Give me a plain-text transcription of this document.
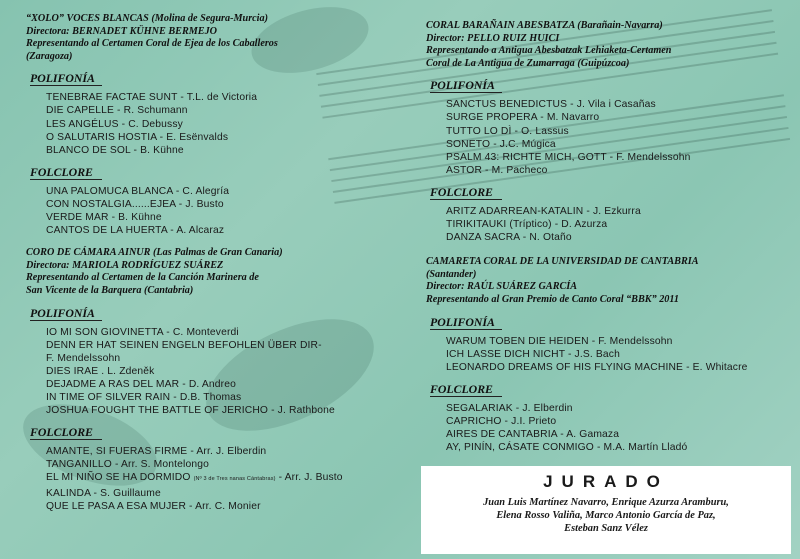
“XOLO” VOCES BLANCAS (Molina de Segura-Murcia)
Directora: BERNADET KÜHNE BERMEJO
Representando al Certamen Coral de Ejea de los Caballeros
(Zaragoza)
POLIFONÍA
TENEBRAE FACTAE SUNT - T.L. de Victoria
DIE CAPELLE - R. Schumann
LES ANGÉLUS - C. Debussy
O SALUTARIS HOSTIA - E. Esënvalds
BLANCO DE SOL - B. Kühne
FOLCLORE
UNA PALOMUCA BLANCA - C. Alegría
CON NOSTALGIA......EJEA - J. Busto
VERDE MAR - B. Kühne
CANTOS DE LA HUERTA - A. Alcaraz
CORO DE CÁMARA AINUR (Las Palmas de Gran Canaria)
Directora: MARIOLA RODRÍGUEZ SUÁREZ
Representando al Certamen de la Canción Marinera de
San Vicente de la Barquera (Cantabria)
POLIFONÍA
IO MI SON GIOVINETTA - C. Monteverdi
DENN ER HAT SEINEN ENGELN BEFOHLEN ÜBER DIR-
F. Mendelssohn
DIES IRAE . L. Zdeněk
DEJADME A RAS DEL MAR - D. Andreo
IN TIME OF SILVER RAIN - D.B. Thomas
JOSHUA FOUGHT THE BATTLE OF JERICHO - J. Rathbone
FOLCLORE
AMANTE, SI FUERAS FIRME - Arr. J. Elberdin
TANGANILLO - Arr. S. Montelongo
EL MI NIÑO SE HA DORMIDO (Nº 3 de Tres nanas Cántabras) - Arr. J. Busto
KALINDA - S. Guillaume
QUE LE PASA A ESA MUJER - Arr. C. Monier
CORAL BARAÑAIN ABESBATZA (Barañain-Navarra)
Director: PELLO RUIZ HUICI
Representando a Antigua Abesbatzak Lehiaketa-Certamen
Coral de La Antigua de Zumarraga (Guipúzcoa)
POLIFONÍA
SANCTUS BENEDICTUS - J. Vila i Casañas
SURGE PROPERA - M. Navarro
TUTTO LO DÌ - O. Lassus
SONETO - J.C. Múgica
PSALM 43: RICHTE MICH, GOTT - F. Mendelssohn
ASTOR - M. Pacheco
FOLCLORE
ARITZ ADARREAN-KATALIN - J. Ezkurra
TIRIKITAUKI (Tríptico) - D. Azurza
DANZA SACRA - N. Otaño
CAMARETA CORAL DE LA UNIVERSIDAD DE CANTABRIA
(Santander)
Director: RAÚL SUÁREZ GARCÍA
Representando al Gran Premio de Canto Coral “BBK” 2011
POLIFONÍA
WARUM TOBEN DIE HEIDEN - F. Mendelssohn
ICH LASSE DICH NICHT - J.S. Bach
LEONARDO DREAMS OF HIS FLYING MACHINE - E. Whitacre
FOLCLORE
SEGALARIAK - J. Elberdin
CAPRICHO - J.I. Prieto
AIRES DE CANTABRIA - A. Gamaza
AY, PINÍN, CÁSATE CONMIGO - M.A. Martín Lladó
JURADO
Juan Luis Martínez Navarro, Enrique Azurza Aramburu,
Elena Rosso Valiña, Marco Antonio García de Paz,
Esteban Sanz Vélez
